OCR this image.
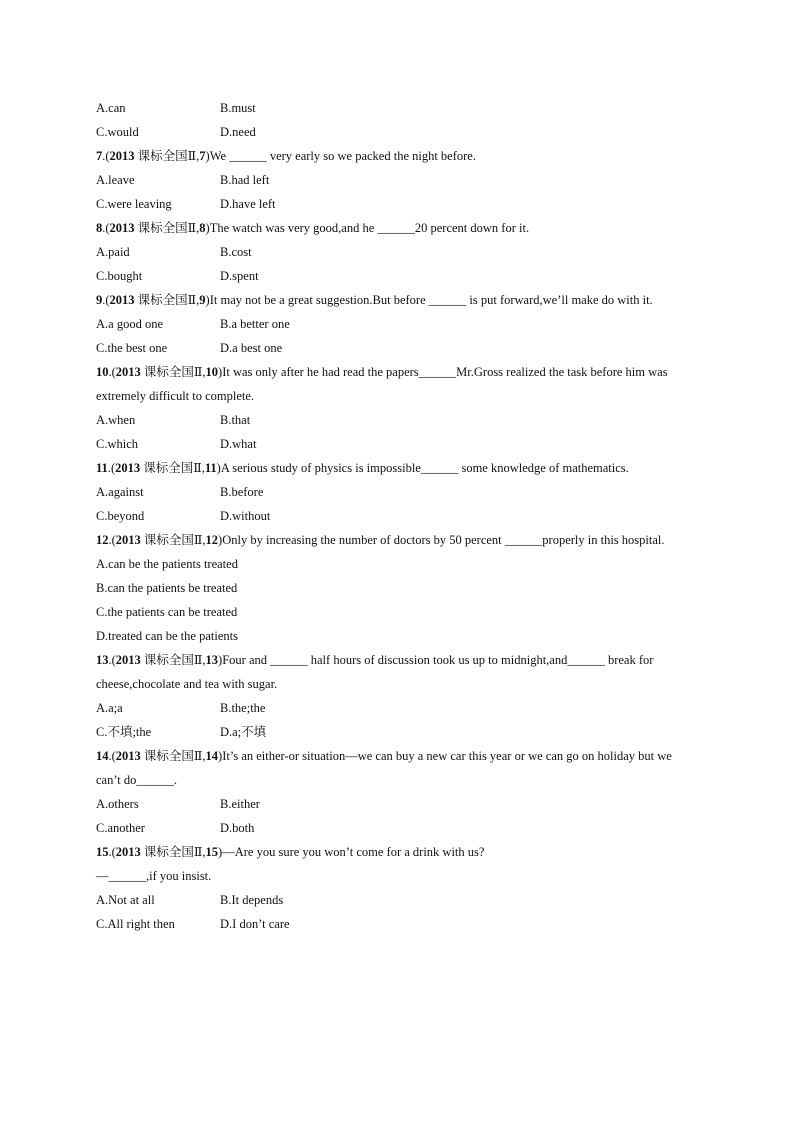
A.can	B.must
C.would	D.need
7.(2013 课标全国Ⅱ,7)We ______ very early so we packed the night before.
A.leave	B.had left
C.were leaving	D.have left
8.(2013 课标全国Ⅱ,8)The watch was very good,and he ______20 percent down for it.
A.paid	B.cost
C.bought	D.spent
9.(2013 课标全国Ⅱ,9)It may not be a great suggestion.But before ______ is put forward,we’ll make do with it.
A.a good one	B.a better one
C.the best one	D.a best one
10.(2013 课标全国Ⅱ,10)It was only after he had read the papers______Mr.Gross realized the task before him was extremely difficult to complete.
A.when	B.that
C.which	D.what
11.(2013 课标全国Ⅱ,11)A serious study of physics is impossible______ some knowledge of mathematics.
A.against	B.before
C.beyond	D.without
12.(2013 课标全国Ⅱ,12)Only by increasing the number of doctors by 50 percent ______properly in this hospital.
A.can be the patients treated
B.can the patients be treated
C.the patients can be treated
D.treated can be the patients
13.(2013 课标全国Ⅱ,13)Four and ______ half hours of discussion took us up to midnight,and______ break for cheese,chocolate and tea with sugar.
A.a;a	B.the;the
C.不填;the	D.a;不填
14.(2013 课标全国Ⅱ,14)It’s an either-or situation—we can buy a new car this year or we can go on holiday but we can’t do______.
A.others	B.either
C.another	D.both
15.(2013 课标全国Ⅱ,15)—Are you sure you won’t come for a drink with us?
—______,if you insist.
A.Not at all	B.It depends
C.All right then	D.I don’t care
